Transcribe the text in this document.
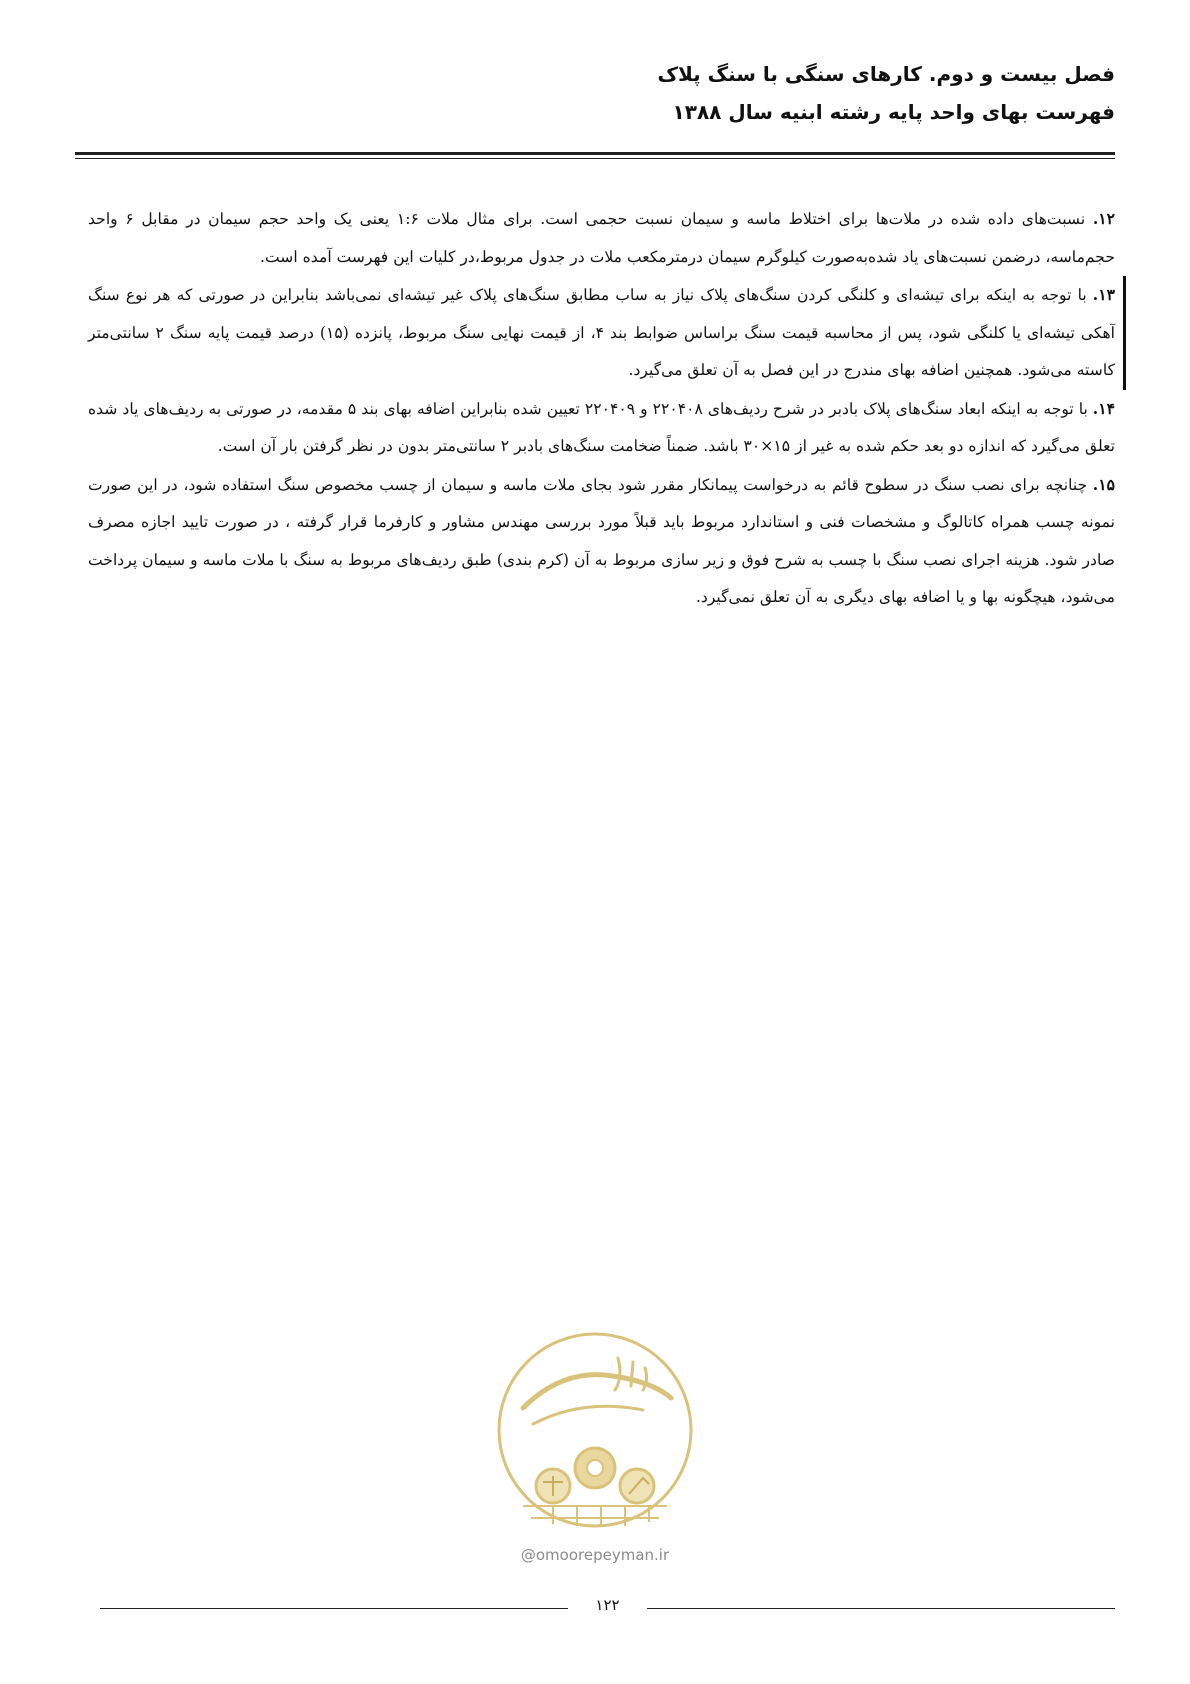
فصل بیست و دوم. کارهای سنگی با سنگ پلاک
فهرست بهای واحد پایه رشته ابنیه سال ۱۳۸۸

۱۲. نسبت‌های داده شده در ملات‌ها برای اختلاط ماسه و سیمان نسبت حجمی است. برای مثال ملات ۱:۶ یعنی یک واحد حجم سیمان در مقابل ۶ واحد حجم‌ماسه، درضمن نسبت‌های یاد شده‌به‌صورت کیلوگرم سیمان درمترمکعب ملات در جدول مربوط،در کلیات این فهرست آمده است.

۱۳. با توجه به اینکه برای تیشه‌ای و کلنگی کردن سنگ‌های پلاک نیاز به ساب مطابق سنگ‌های پلاک غیر تیشه‌ای نمی‌باشد بنابراین در صورتی که هر نوع سنگ آهکی تیشه‌ای یا کلنگی شود، پس از محاسبه قیمت سنگ براساس ضوابط بند ۴، از قیمت نهایی سنگ مربوط، پانزده (۱۵) درصد قیمت پایه سنگ ۲ سانتی‌متر کاسته می‌شود. همچنین اضافه بهای مندرج در این فصل به آن تعلق می‌گیرد.

۱۴. با توجه به اینکه ابعاد سنگ‌های پلاک بادبر در شرح ردیف‌های ۲۲۰۴۰۸ و ۲۲۰۴۰۹ تعیین شده بنابراین اضافه بهای بند ۵ مقدمه، در صورتی به ردیف‌های یاد شده تعلق می‌گیرد که اندازه دو بعد حکم شده به غیر از ۱۵×۳۰ باشد. ضمناً ضخامت سنگ‌های بادبر ۲ سانتی‌متر بدون در نظر گرفتن بار آن است.

۱۵. چنانچه برای نصب سنگ در سطوح قائم به درخواست پیمانکار مقرر شود بجای ملات ماسه و سیمان از چسب مخصوص سنگ استفاده شود، در این صورت نمونه چسب همراه کاتالوگ و مشخصات فنی و استاندارد مربوط باید قبلاً مورد بررسی مهندس مشاور و کارفرما قرار گرفته ، در صورت تایید اجازه مصرف صادر شود. هزینه اجرای نصب سنگ با چسب به شرح فوق و زیر سازی مربوط به آن (کرم بندی) طبق ردیف‌های مربوط به سنگ با ملات ماسه و سیمان پرداخت می‌شود، هیچگونه بها و یا اضافه بهای دیگری به آن تعلق نمی‌گیرد.

@omoorepeyman.ir
۱۲۲
